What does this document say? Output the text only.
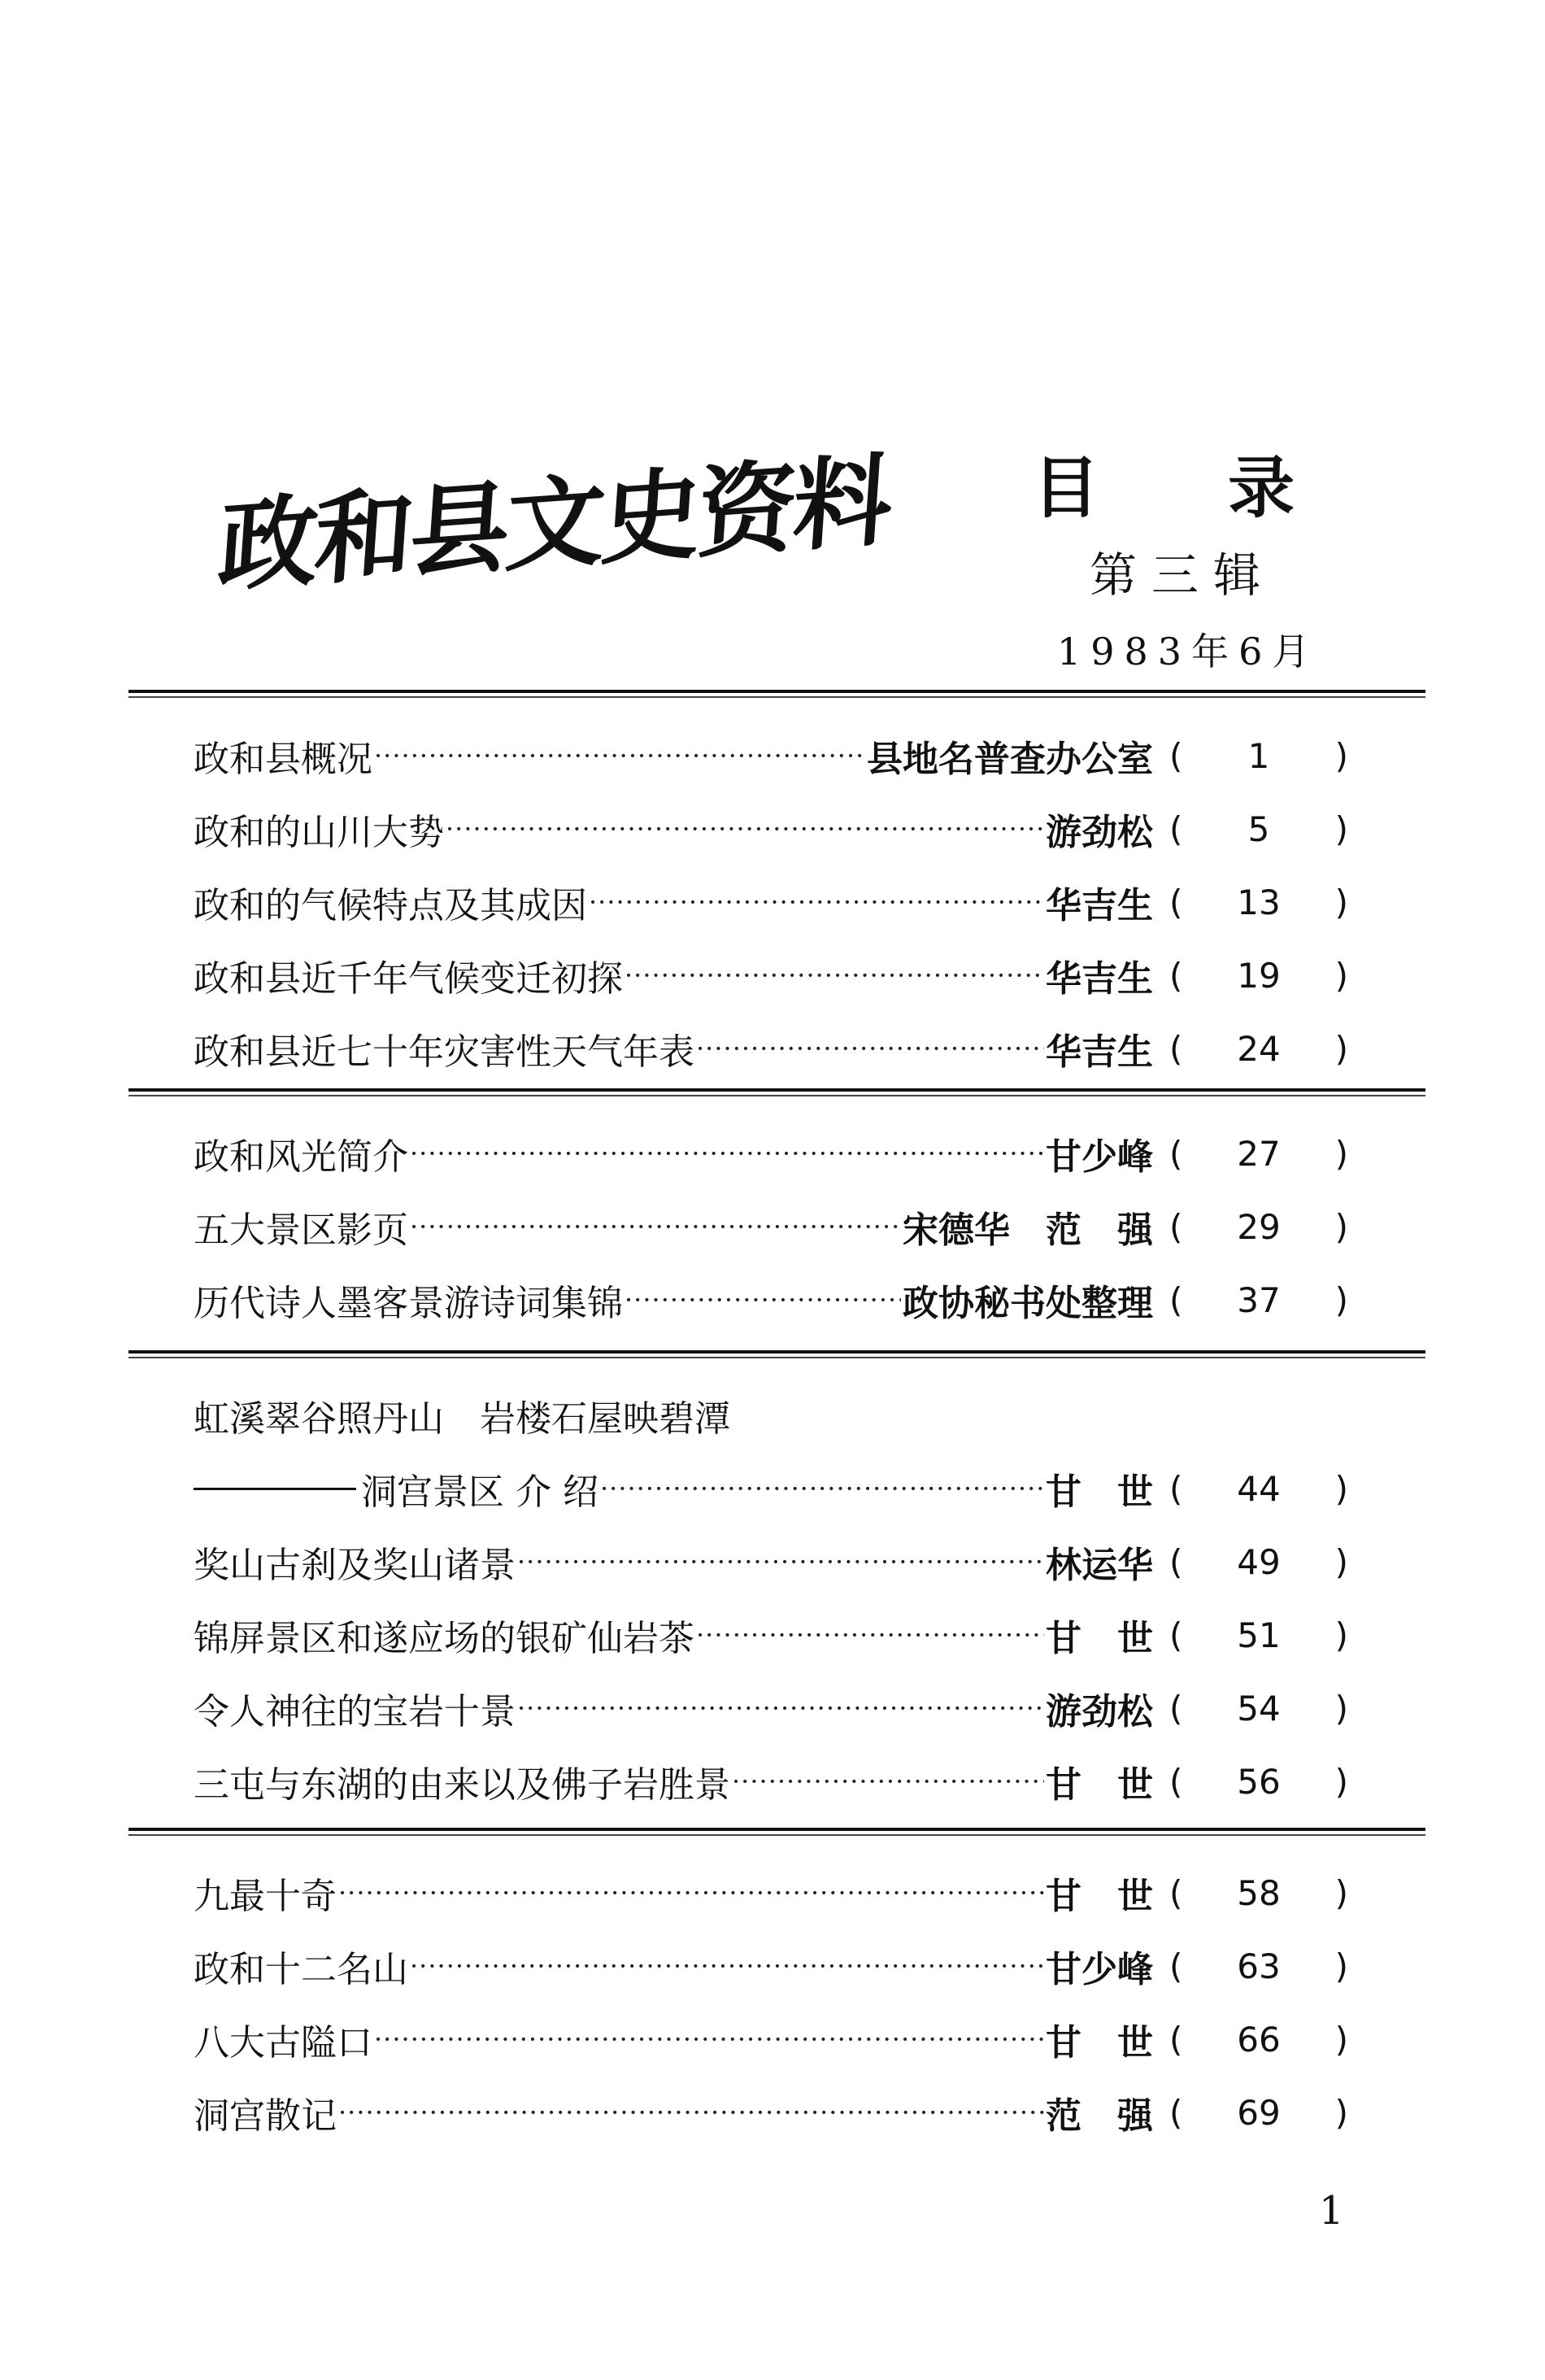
政和县文史资料 目 录
第三辑
1983年6月
政和县概况 ·····	县地名普查办公室 (	1	)
政和的山川大势 ·····	游劲松 (	5	)
政和的气候特点及其成因 ·····	华吉生 (	13	)
政和县近千年气候变迁初探 ·····	华吉生 (	19	)
政和县近七十年灾害性天气年表 ·····	华吉生 (	24	)
政和风光简介 ·····	甘少峰 (	27	)
五大景区影页 ·····	宋德华　范　强 (	29	)
历代诗人墨客景游诗词集锦 ·····	政协秘书处整理 (	37	)
虹溪翠谷照丹山　岩楼石屋映碧潭
洞宫景区 介 绍 ·····	甘　世 (	44	)
奖山古刹及奖山诸景 ·····	林运华 (	49	)
锦屏景区和遂应场的银矿仙岩茶 ·····	甘　世 (	51	)
令人神往的宝岩十景 ·····	游劲松 (	54	)
三屯与东湖的由来以及佛子岩胜景 ·····	甘　世 (	56	)
九最十奇 ·····	甘　世 (	58	)
政和十二名山 ·····	甘少峰 (	63	)
八大古隘口 ·····	甘　世 (	66	)
洞宫散记 ·····	范　强 (	69	)
1
